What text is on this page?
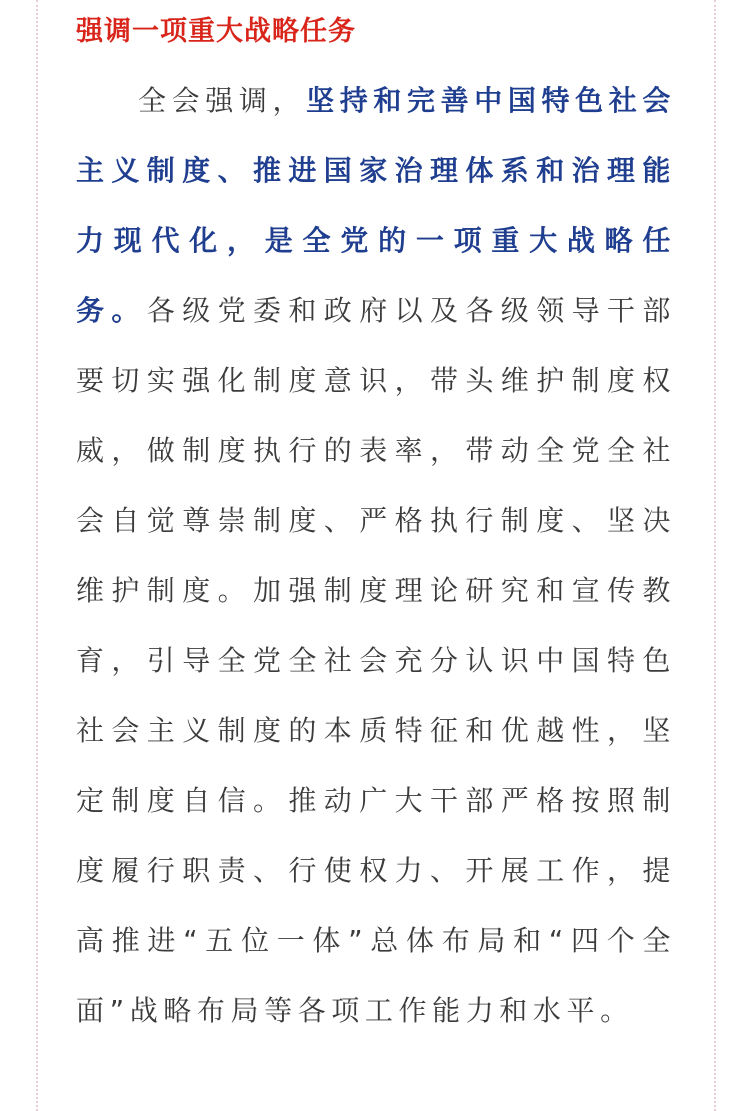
强调一项重大战略任务

全会强调，坚持和完善中国特色社会主义制度、推进国家治理体系和治理能力现代化，是全党的一项重大战略任务。各级党委和政府以及各级领导干部要切实强化制度意识，带头维护制度权威，做制度执行的表率，带动全党全社会自觉尊崇制度、严格执行制度、坚决维护制度。加强制度理论研究和宣传教育，引导全党全社会充分认识中国特色社会主义制度的本质特征和优越性，坚定制度自信。推动广大干部严格按照制度履行职责、行使权力、开展工作，提高推进“五位一体”总体布局和“四个全面”战略布局等各项工作能力和水平。
